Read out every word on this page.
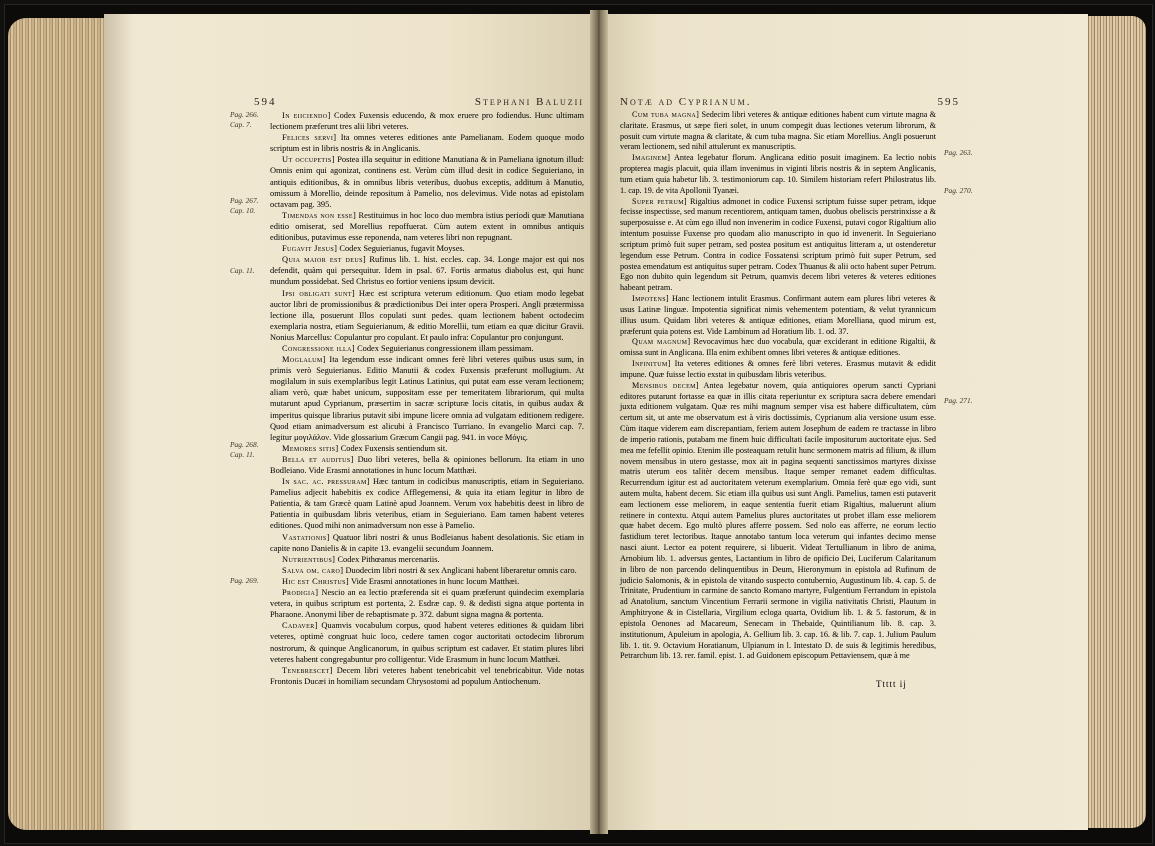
594	Stephani Baluzii	Notæ ad Cyprianum.	595

In eiiciendo] Codex Fuxensis educendo, & mox eruere pro fodiendus. Hunc ultimam lectionem præferunt tres alii libri veteres.

Felices servi] Ita omnes veteres editiones ante Pamelianam. Eodem quoque modo scriptum est in libris nostris & in Anglicanis.

Ut occupetis] Postea illa sequitur in editione Manutiana & in Pameliana ignotum illud: Omnis enim qui agonizat, continens est. Verùm cùm illud desit in codice Seguieriano, in antiquis editionibus, & in omnibus libris veteribus, duobus exceptis, additum à Manutio, omissum à Morellio, deinde repositum à Pamelio, nos delevimus. Vide notas ad epistolam octavam pag. 395.

Timendas non esse] Restituimus in hoc loco duo membra istius periodi quæ Manutiana editio omiserat, sed Morellius repoffuerat. Cùm autem extent in omnibus antiquis editionibus, putavimus esse reponenda, nam veteres libri non repugnant.

Fugavit Jesus] Codex Seguierianus, fugavit Moyses.

Quia maior est deus] Rufinus lib. 1. hist. eccles. cap. 34. Longe major est qui nos defendit, quàm qui persequitur. Idem in psal. 67. Fortis armatus diabolus est, qui hunc mundum possidebat. Sed Christus eo fortior veniens ipsum devicit.

Ipsi obligati sunt] Hæc est scriptura veterum editionum. Quo etiam modo legebat auctor libri de promissionibus & prædictionibus Dei inter opera Prosperi. Angli prætermissa lectione illa, posuerunt Illos copulati sunt pedes. quam lectionem habent octodecim exemplaria nostra, etiam Seguierianum, & editio Morellii, tum etiam ea quæ dicitur Gravii. Nonius Marcellus: Copulantur pro copulant. Et paulo infra: Copulantur pro conjungunt.

Congressione illa] Codex Seguierianus congressionem illam pessimam.

Moglalum] Ita legendum esse indicant omnes ferè libri veteres quibus usus sum, in primis verò Seguierianus. Editio Manutii & codex Fuxensis præferunt mollugium. At mogilalum in suis exemplaribus legit Latinus Latinius, qui putat eam esse veram lectionem; aliam verò, quæ habet unicum, suppositam esse per temeritatem librariorum, qui multa mutarunt apud Cyprianum, præsertim in sacræ scripturæ locis citatis, in quibus audax & imperitus quisque librarius putavit sibi impune licere omnia ad vulgatam editionem redigere. Quod etiam animadversum est alicubi à Francisco Turriano. In evangelio Marci cap. 7. legitur μογιλάλον. Vide glossarium Græcum Cangii pag. 941. in voce Μόγις.

Memores sitis] Codex Fuxensis sentiendum sit.

Bella et auditus] Duo libri veteres, bella & opiniones bellorum. Ita etiam in uno Bodleiano. Vide Erasmi annotationes in hunc locum Matthæi.

In sac. ac. pressuram] Hæc tantum in codicibus manuscriptis, etiam in Seguieriano. Pamelius adjecit habebitis ex codice Afflegemensi, & quia ita etiam legitur in libro de Patientia, & tam Græcè quam Latinè apud Joannem. Verum vox habebitis deest in libro de Patientia in quibusdam libris veteribus, etiam in Seguieriano. Eam tamen habent veteres editiones. Quod mihi non animadversum non esse à Pamelio.

Vastationis] Quatuor libri nostri & unus Bodleianus habent desolationis. Sic etiam in capite nono Danielis & in capite 13. evangelii secundum Joannem.

Nutrientibus] Codex Pithœanus mercenariis.

Salva om. caro] Duodecim libri nostri & sex Anglicani habent liberaretur omnis caro.

Hic est Christus] Vide Erasmi annotationes in hunc locum Matthæi.

Prodigia] Nescio an ea lectio præferenda sit ei quam præferunt quindecim exemplaria vetera, in quibus scriptum est portenta, 2. Esdræ cap. 9. & dedisti signa atque portenta in Pharaone. Anonymi liber de rebaptismate p. 372. dabunt signa magna & portenta.

Cadaver] Quamvis vocabulum corpus, quod habent veteres editiones & quidam libri veteres, optimè congruat huic loco, cedere tamen cogor auctoritati octodecim librorum nostrorum, & quinque Anglicanorum, in quibus scriptum est cadaver. Et statim plures libri veteres habent congregabuntur pro colligentur. Vide Erasmum in hunc locum Matthæi.

Tenebrescet] Decem libri veteres habent tenebricabit vel tenebricabitur. Vide notas Frontonis Ducæi in homiliam secundam Chrysostomi ad populum Antiochenum.

Pag. 266.
Cap. 7.
Pag. 267.
Cap. 10.
Cap. 11.
Pag. 268.
Cap. 11.
Pag. 269.

Cum tuba magna] Sedecim libri veteres & antiquæ editiones habent cum virtute magna & claritate. Erasmus, ut sæpe fieri solet, in unum compegit duas lectiones veterum librorum, & posuit cum virtute magna & claritate, & cum tuba magna. Sic etiam Morellius. Angli posuerunt veram lectionem, sed nihil attulerunt ex manuscriptis.

Imaginem] Antea legebatur florum. Anglicana editio posuit imaginem. Ea lectio nobis propterea magis placuit, quia illam invenimus in viginti libris nostris & in septem Anglicanis, tum etiam quia habetur lib. 3. testimoniorum cap. 10. Similem historiam refert Philostratus lib. 1. cap. 19. de vita Apollonii Tyanæi.

Super petrum] Rigaltius admonet in codice Fuxensi scriptum fuisse super petram, idque fecisse inspectisse, sed manum recentiorem, antiquam tamen, duobus obeliscis perstrinxisse a & superposuisse e. At cùm ego illud non invenerim in codice Fuxensi, putavi cogor Rigaltium alio intentum posuisse Fuxense pro quodam alio manuscripto in quo id invenerit. In Seguieriano scriptum primò fuit super petram, sed postea positum est antiquitus litteram a, ut ostenderetur legendum esse Petrum. Contra in codice Fossatensi scriptum primò fuit super Petrum, sed postea emendatum est antiquitus super petram. Codex Thuanus & alii octo habent super Petrum. Ego non dubito quin legendum sit Petrum, quamvis decem libri veteres & veteres editiones habeant petram.

Impotens] Hanc lectionem intulit Erasmus. Confirmant autem eam plures libri veteres & usus Latinæ linguæ. Impotentia significat nimis vehementem potentiam, & velut tyrannicum illius usum. Quidam libri veteres & antiquæ editiones, etiam Morelliana, quod mirum est, præferunt quia potens est. Vide Lambinum ad Horatium lib. 1. od. 37.

Quam magnum] Revocavimus hæc duo vocabula, quæ exciderant in editione Rigaltii, & omissa sunt in Anglicana. Illa enim exhibent omnes libri veteres & antiquæ editiones.

Infinitum] Ita veteres editiones & omnes ferè libri veteres. Erasmus mutavit & edidit impune. Quæ fuisse lectio exstat in quibusdam libris veteribus.

Mensibus decem] Antea legebatur novem, quia antiquiores operum sancti Cypriani editores putarunt fortasse ea quæ in illis citata reperiuntur ex scriptura sacra debere emendari juxta editionem vulgatam. Quæ res mihi magnum semper visa est habere difficultatem, cùm certum sit, ut ante me observatum est à viris doctissimis, Cyprianum alia versione usum esse. Cùm itaque viderem eam discrepantiam, feriem autem Josephum de eadem re tractasse in libro de imperio rationis, putabam me finem huic difficultati facile impositurum auctoritate ejus. Sed mea me fefellit opinio. Etenim ille posteaquam retulit hunc sermonem matris ad filium, & illum novem mensibus in utero gestasse, mox ait in pagina sequenti sanctissimos martyres dixisse matris uterum eos talitèr decem mensibus. Itaque semper remanet eadem difficultas. Recurrendum igitur est ad auctoritatem veterum exemplarium. Omnia ferè quæ ego vidi, sunt autem multa, habent decem. Sic etiam illa quibus usi sunt Angli. Pamelius, tamen esti putaverit eam lectionem esse meliorem, in eaque sententia fuerit etiam Rigaltius, maluerunt alium retinere in contextu. Atqui autem Pamelius plures auctoritates ut probet illam esse meliorem quæ habet decem. Ego multò plures afferre possem. Sed nolo eas afferre, ne eorum lectio fastidium teret lectoribus. Itaque annotabo tantum loca veterum qui infantes decimo mense nasci aiunt. Lector ea potent requirere, si libuerit. Videat Tertullianum in libro de anima, Arnobium lib. 1. adversus gentes, Lactantium in libro de opificio Dei, Luciferum Calaritanum in libro de non parcendo delinquentibus in Deum, Hieronymum in epistola ad Rufinum de judicio Salomonis, & in epistola de vitando suspecto contubernio, Augustinum lib. 4. cap. 5. de Trinitate, Prudentium in carmine de sancto Romano martyre, Fulgentium Ferrandum in epistola ad Anatolium, sanctum Vincentium Ferrarii sermone in vigilia nativitatis Christi, Plautum in Amphitryone & in Cistellaria, Virgilium ecloga quarta, Ovidium lib. 1. & 5. fastorum, & in epistola Oenones ad Macareum, Senecam in Thebaide, Quintilianum lib. 8. cap. 3. institutionum, Apuleium in apologia, A. Gellium lib. 3. cap. 16. & lib. 7. cap. 1. Julium Paulum lib. 1. tit. 9. Octavium Horatianum, Ulpianum in l. Intestato D. de suis & legitimis heredibus, Petrarchum lib. 13. rer. famil. epist. 1. ad Guidonem episcopum Pettaviensem, quæ à me

Pag. 263.
Pag. 270.
Pag. 271.
Ttttt ij
